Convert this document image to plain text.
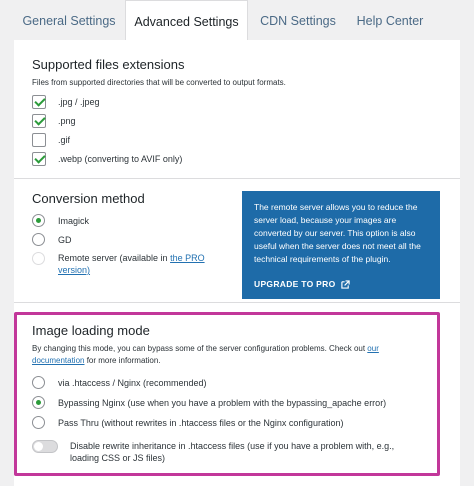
General Settings	Advanced Settings	CDN Settings	Help Center
Supported files extensions
Files from supported directories that will be converted to output formats.
.jpg / .jpeg
.png
.gif
.webp (converting to AVIF only)
Conversion method
Imagick
GD
Remote server (available in the PRO
version)
The remote server allows you to reduce the server load, because your images are converted by our server. This option is also useful when the server does not meet all the technical requirements of the plugin.
UPGRADE TO PRO
Image loading mode
By changing this mode, you can bypass some of the server configuration problems. Check out our documentation for more information.
via .htaccess / Nginx (recommended)
Bypassing Nginx (use when you have a problem with the bypassing_apache error)
Pass Thru (without rewrites in .htaccess files or the Nginx configuration)
Disable rewrite inheritance in .htaccess files (use if you have a problem with, e.g., loading CSS or JS files)
